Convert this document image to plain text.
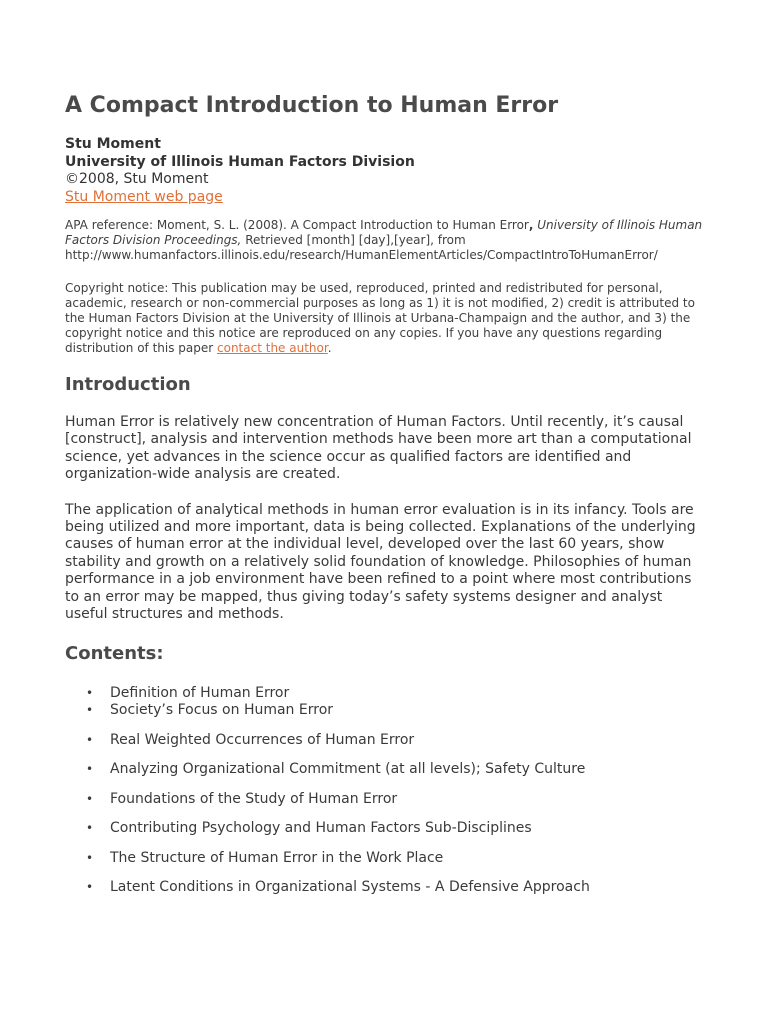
A Compact Introduction to Human Error
Stu Moment
University of Illinois Human Factors Division
©2008, Stu Moment
Stu Moment web page
APA reference: Moment, S. L. (2008). A Compact Introduction to Human Error, University of Illinois Human Factors Division Proceedings, Retrieved [month] [day],[year], from http://www.humanfactors.illinois.edu/research/HumanElementArticles/CompactIntroToHumanError/
Copyright notice: This publication may be used, reproduced, printed and redistributed for personal, academic, research or non-commercial purposes as long as 1) it is not modified, 2) credit is attributed to the Human Factors Division at the University of Illinois at Urbana-Champaign and the author, and 3) the copyright notice and this notice are reproduced on any copies. If you have any questions regarding distribution of this paper contact the author.
Introduction
Human Error is relatively new concentration of Human Factors. Until recently, it’s causal [construct], analysis and intervention methods have been more art than a computational science, yet advances in the science occur as qualified factors are identified and organization-wide analysis are created.
The application of analytical methods in human error evaluation is in its infancy. Tools are being utilized and more important, data is being collected. Explanations of the underlying causes of human error at the individual level, developed over the last 60 years, show stability and growth on a relatively solid foundation of knowledge. Philosophies of human performance in a job environment have been refined to a point where most contributions to an error may be mapped, thus giving today’s safety systems designer and analyst useful structures and methods.
Contents:
• Definition of Human Error
• Society’s Focus on Human Error
• Real Weighted Occurrences of Human Error
• Analyzing Organizational Commitment (at all levels); Safety Culture
• Foundations of the Study of Human Error
• Contributing Psychology and Human Factors Sub-Disciplines
• The Structure of Human Error in the Work Place
• Latent Conditions in Organizational Systems - A Defensive Approach
